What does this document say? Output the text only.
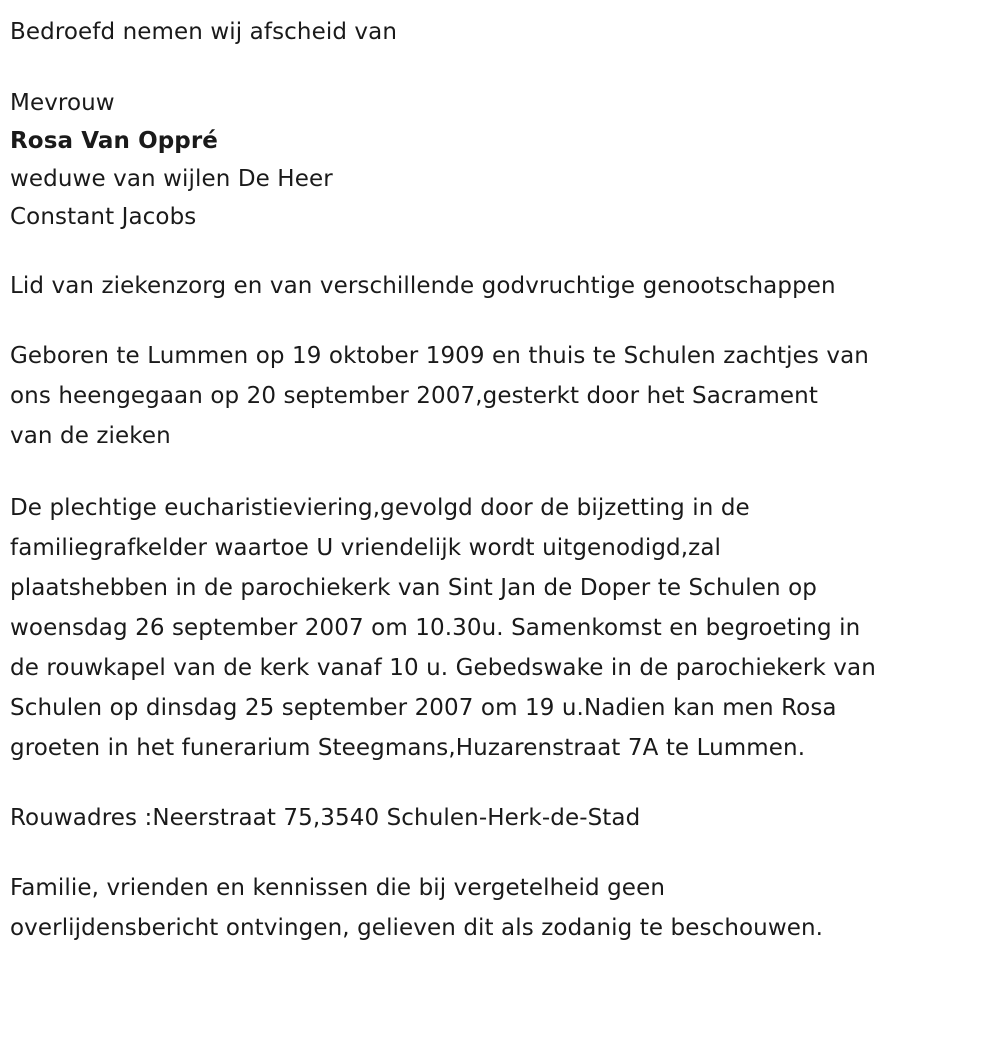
Bedroefd nemen wij afscheid van
Mevrouw
Rosa Van Oppré
weduwe van wijlen De Heer
Constant Jacobs
Lid van ziekenzorg en van verschillende godvruchtige genootschappen
Geboren te Lummen op 19 oktober 1909 en thuis te Schulen zachtjes van
ons heengegaan op 20 september 2007,gesterkt door het Sacrament
van de zieken
De plechtige eucharistieviering,gevolgd door de bijzetting in de
familiegrafkelder waartoe U vriendelijk wordt uitgenodigd,zal
plaatshebben in de parochiekerk van Sint Jan de Doper te Schulen op
woensdag 26 september 2007 om 10.30u. Samenkomst en begroeting in
de rouwkapel van de kerk vanaf 10 u. Gebedswake in de parochiekerk van
Schulen op dinsdag 25 september 2007 om 19 u.Nadien kan men Rosa
groeten in het funerarium Steegmans,Huzarenstraat 7A te Lummen.
Rouwadres :Neerstraat 75,3540 Schulen-Herk-de-Stad
Familie, vrienden en kennissen die bij vergetelheid geen
overlijdensbericht ontvingen, gelieven dit als zodanig te beschouwen.
